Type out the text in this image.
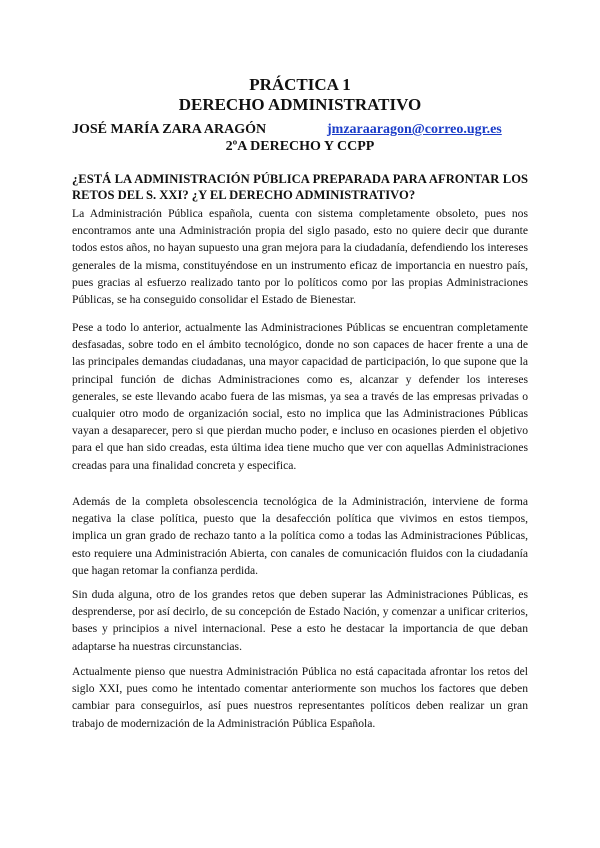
PRÁCTICA 1
DERECHO ADMINISTRATIVO
JOSÉ MARÍA ZARA ARAGÓN	jmzaraaragon@correo.ugr.es
2ºA DERECHO Y CCPP

¿ESTÁ LA ADMINISTRACIÓN PÚBLICA PREPARADA PARA AFRONTAR LOS RETOS DEL S. XXI? ¿Y EL DERECHO ADMINISTRATIVO?

La Administración Pública española, cuenta con sistema completamente obsoleto, pues nos encontramos ante una Administración propia del siglo pasado, esto no quiere decir que durante todos estos años, no hayan supuesto una gran mejora para la ciudadanía, defendiendo los intereses generales de la misma, constituyéndose en un instrumento eficaz de importancia en nuestro país, pues gracias al esfuerzo realizado tanto por lo políticos como por las propias Administraciones Públicas, se ha conseguido consolidar el Estado de Bienestar.

Pese a todo lo anterior, actualmente las Administraciones Públicas se encuentran completamente desfasadas, sobre todo en el ámbito tecnológico, donde no son capaces de hacer frente a una de las principales demandas ciudadanas, una mayor capacidad de participación, lo que supone que la principal función de dichas Administraciones como es, alcanzar y defender los intereses generales, se este llevando acabo fuera de las mismas, ya sea a través de las empresas privadas o cualquier otro modo de organización social, esto no implica que las Administraciones Públicas vayan a desaparecer, pero si que pierdan mucho poder, e incluso en ocasiones pierden el objetivo para el que han sido creadas, esta última idea tiene mucho que ver con aquellas Administraciones creadas para una finalidad concreta y especifica.

Además de la completa obsolescencia tecnológica de la Administración, interviene de forma negativa la clase política, puesto que la desafección política que vivimos en estos tiempos, implica un gran grado de rechazo tanto a la política como a todas las Administraciones Públicas, esto requiere una Administración Abierta, con canales de comunicación fluidos con la ciudadanía que hagan retomar la confianza perdida.

Sin duda alguna, otro de los grandes retos que deben superar las Administraciones Públicas, es desprenderse, por así decirlo, de su concepción de Estado Nación, y comenzar a unificar criterios, bases y principios a nivel internacional. Pese a esto he destacar la importancia de que deban adaptarse ha nuestras circunstancias.

Actualmente pienso que nuestra Administración Pública no está capacitada afrontar los retos del siglo XXI, pues como he intentado comentar anteriormente son muchos los factores que deben cambiar para conseguirlos, así pues nuestros representantes políticos deben realizar un gran trabajo de modernización de la Administración Pública Española.
